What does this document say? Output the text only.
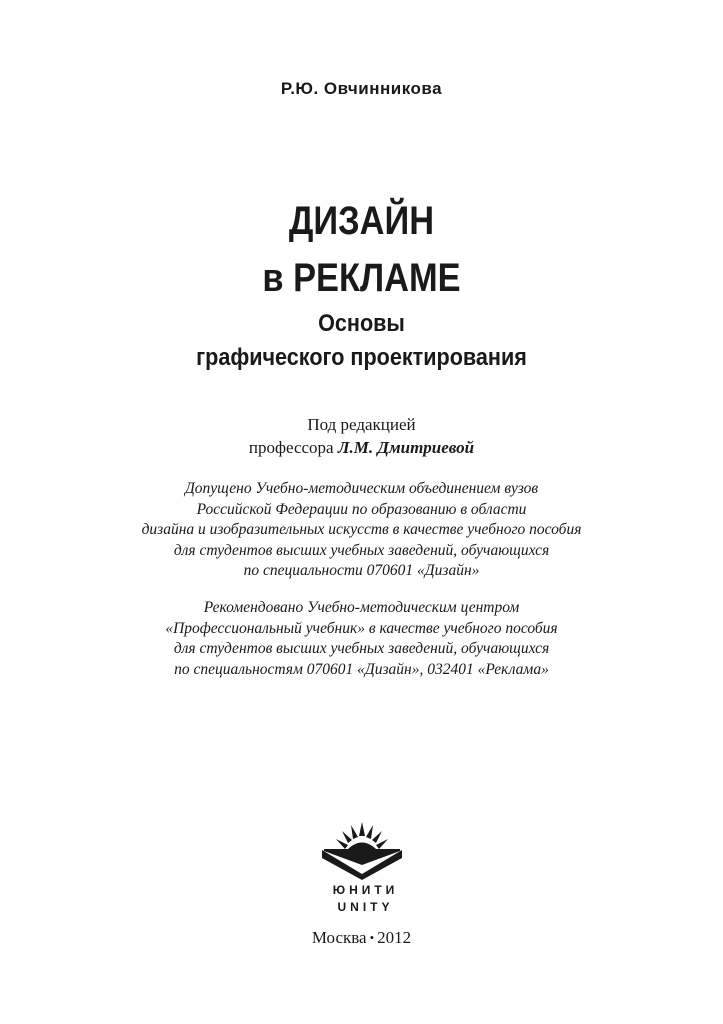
Р.Ю. Овчинникова
ДИЗАЙН
в РЕКЛАМЕ
Основы
графического проектирования
Под редакцией
профессора Л.М. Дмитриевой
Допущено Учебно-методическим объединением вузов
Российской Федерации по образованию в области
дизайна и изобразительных искусств в качестве учебного пособия
для студентов высших учебных заведений, обучающихся
по специальности 070601 «Дизайн»
Рекомендовано Учебно-методическим центром
«Профессиональный учебник» в качестве учебного пособия
для студентов высших учебных заведений, обучающихся
по специальностям 070601 «Дизайн», 032401 «Реклама»
ЮНИТИ
UNITY
Москва • 2012
